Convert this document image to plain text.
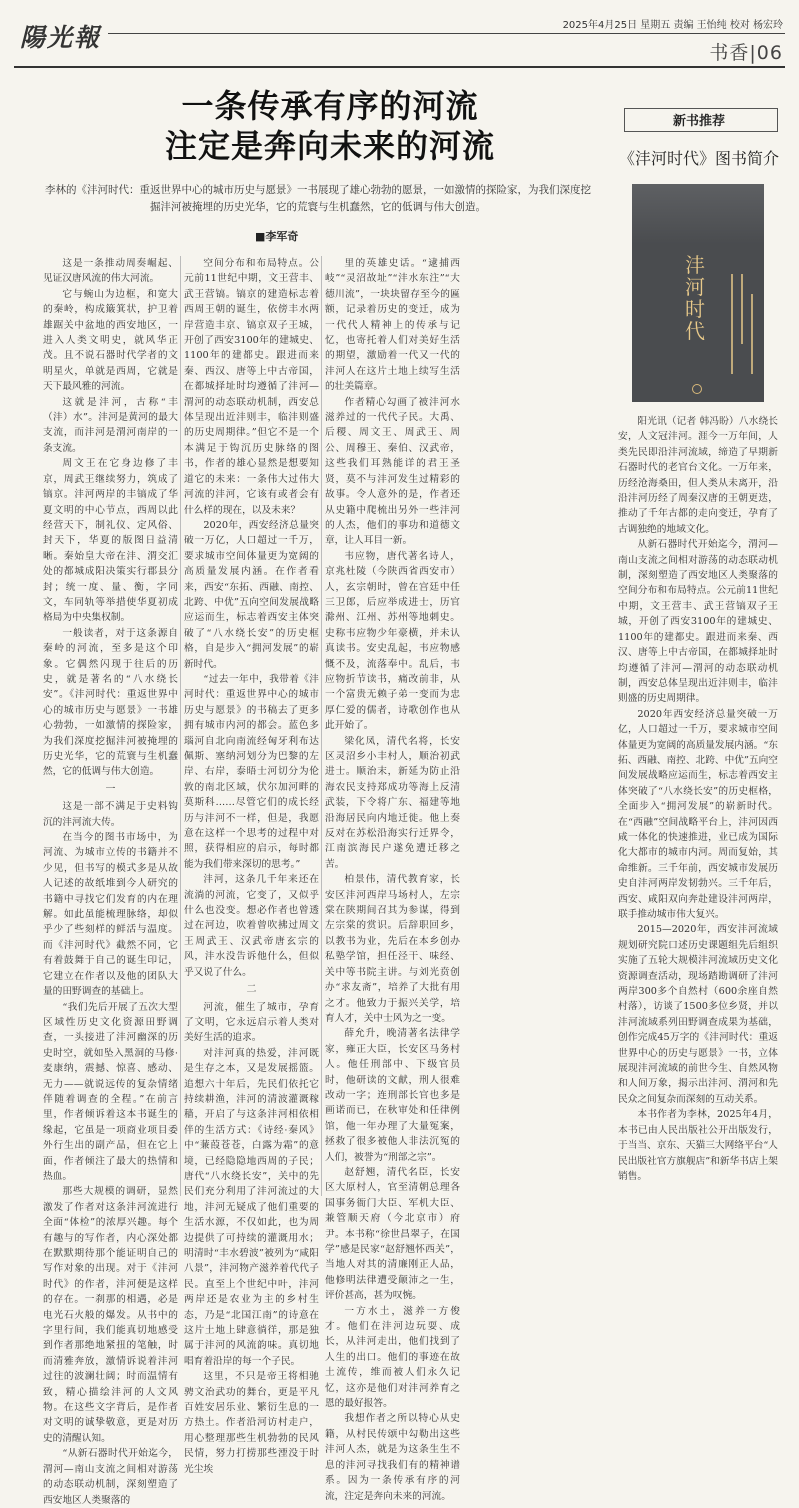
陽光報	2025年4月25日 星期五 责编 王怡纯 校对 杨宏玲
书香|06
一条传承有序的河流
注定是奔向未来的河流
李林的《沣河时代：重返世界中心的城市历史与愿景》一书展现了雄心勃勃的愿景，一如激情的探险家，为我们深度挖掘沣河被掩埋的历史光华，它的荒寰与生机蠢然，它的低调与伟大创造。
■李军奇

这是一条推动周奏崛起、见证汉唐风流的伟大河流。

它与蜿山为边框，和宽大的秦岭，构成簸箕状，护卫着雄踞关中盆地的西安地区，一进入人类文明史，就风华正茂。且不说石器时代学者的文明星火，单就是西周，它就是天下最风雅的河流。

这就是沣河，古称“丰（沣）水”。沣河是黄河的最大支流，而沣河是渭河南岸的一条支流。

周文王在它身边修了丰京，周武王继续努力，筑成了镐京。沣河两岸的丰镐成了华夏文明的中心节点，西周以此经营天下，制礼仪、定风俗、封天下，华夏的版图日益清晰。秦始皇大帝在沣、渭交汇处的都城成阳决策实行郡县分封；统一度、量、衡，字同文，车同轨等举措使华夏初成格局为中央集权制。

一般读者，对于这条源自秦岭的河流，至多是这个印象。它偶然闪现于往后的历史，就是著名的“八水绕长安”。《沣河时代：重返世界中心的城市历史与愿景》一书雄心勃勃，一如激情的探险家，为我们深度挖掘沣河被掩埋的历史光华，它的荒寰与生机蠢然，它的低调与伟大创造。

一

这是一部不满足于史料钩沉的沣河流大传。

在当今的图书市场中，为河流、为城市立传的书籍并不少见，但书写的模式多是从故人记述的故纸堆到今人研究的书籍中寻找它们发育的内在理解。如此虽能梳理脉络，却似乎少了些刻样的鲜活与温度。而《沣河时代》截然不同，它有着鼓舞于自己的诞生印记，它建立在作者以及他的团队大量的田野调查的基础上。

“我们先后开展了五次大型区域性历史文化资源田野调查，一头接进了沣河幽深的历史时空，就如坠入黑洞的马修·麦康纳，震撼、惊喜、感动、无力——就说远传的复杂情绪伴随着调查的全程。”在前言里，作者倾诉着这本书诞生的缘起，它虽是一项商业项目委外行生出的副产品，但在它上面，作者倾注了最大的热情和热血。

那些大规模的调研，显然激发了作者对这条沣河流进行全面“体检”的浓厚兴趣。每个有趣与的写作者，内心深处都在默默期待那个能证明自己的写作对象的出现。对于《沣河时代》的作者，沣河便是这样的存在。一刹那的相遇，必是电光石火般的爆发。从书中的字里行间，我们能真切地感受到作者那绝地紧扭的笔触，时而清雅奔放，激情诉说着沣河过往的波澜壮阔；时而温情有致，精心描绘沣河的人文风物。在这些文字背后，是作者对文明的诚挚敬意，更是对历史的清醒认知。

“从新石器时代开始迄今，渭河—南山支流之间相对游荡的动态联动机制，深刻塑造了西安地区人类聚落的

空间分布和布局特点。公元前11世纪中期，文王营丰、武王营镐。镐京的建造标志着西周王朝的诞生，依傍丰水两岸营造丰京、镐京双子王城，开创了西安3100年的建城史、1100年的建都史。跟进而来秦、西汉、唐等上中古帝国，在都城择址时均遵循了沣河—渭河的动态联动机制，西安总体呈现出近沣则丰，临沣则盛的历史周期律。”但它不是一个本满足于钩沉历史脉络的图书，作者的雄心显然是想要知道它的未来：一条伟大过伟大河流的沣河，它该有或者会有什么样的现在，以及未来？

2020年，西安经济总量突破一万亿，人口超过一千万，要求城市空间体量更为宽阔的高质量发展内涵。在作者看来，西安“东拓、西融、南控、北跨、中优”五向空间发展战略应运而生，标志着西安主体突破了“八水绕长安”的历史框格，自是步入“拥河发展”的崭新时代。

“过去一年中，我带着《沣河时代：重返世界中心的城市历史与愿景》的书稿去了更多拥有城市内河的都会。蓝色多瑙河自北向南流经匈牙利布达佩斯、塞纳河划分为巴黎的左岸、右岸，泰晤士河切分为伦敦的南北区域，伏尔加河畔的莫斯科……尽管它们的成长经历与沣河不一样，但是，我愿意在这样一个思考的过程中对照，获得相应的启示，每时都能为我们带来深切的思考。”

沣河，这条几千年来还在流淌的河流，它变了，又似乎什么也没变。想必作者也曾透过在河边，吹着曾吹拂过周文王周武王、汉武帝唐玄宗的风，沣水没告诉他什么，但似乎又说了什么。

二

河流，催生了城市，孕育了文明，它永远启示着人类对美好生活的追求。

对沣河真的热爱，沣河既是生存之本，又是发展摇篮。追想六十年后，先民们依托它持续耕渔，沣河的清波灌溉稼穑，开启了与这条沣河相依相伴的生活方式：《诗经·秦风》中“蒹葭苍苍，白露为霜”的意境，已经隐隐地西周的子民；唐代“八水绕长安”，关中的先民们充分利用了沣河流过的大地，沣河无疑成了他们重要的生活水源，不仅如此，也为周边提供了可持续的灌溉用水；明清时“丰水碧波”被列为“咸阳八景”，沣河物产滋养着代代子民。直至上个世纪中叶，沣河两岸还是农业为主的乡村生态，乃是“北国江南”的诗意在这片土地上肆意徜徉，那是独属于沣河的风流韵味。真切地唱育着沿岸的每一个子民。

这里，不只是帝王将相驰骋文治武功的舞台，更是平凡百姓安居乐业、繁衍生息的一方热土。作者沿河访村走户，用心整理那些生机勃勃的民风民情，努力打捞那些湮没于时光尘埃

里的英雄史话。“逮捕西岐”“灵沼故址”“沣水东注”“大德川流”，一块块留存至今的匾额，记录着历史的变迁，成为一代代人精神上的传承与记忆，也寄托着人们对美好生活的期望，激励着一代又一代的沣河人在这片土地上续写生活的壮美篇章。

作者精心勾画了被沣河水滋养过的一代代子民。大禹、后稷、周文王、周武王、周公、周穆王、秦伯、汉武帝，这些我们耳熟能详的君王圣贤，莫不与沣河发生过精彩的故事。令人意外的是，作者还从史籍中爬梳出另外一些沣河的人杰，他们的事功和道德文章，让人耳目一新。

韦应物，唐代著名诗人，京兆杜陵（今陕西省西安市）人，玄宗朝时，曾在宫廷中任三卫郎，后应举成进士，历官滁州、江州、苏州等地刺史。史称韦应物少年豪横，并未认真读书。安史乱起，韦应物感慨不及，流落奉中。乱后，韦应物折节读书，痛改前非，从一个富贵无赖子弟一变而为忠厚仁爱的儒者，诗歌创作也从此开始了。

梁化凤，清代名将，长安区灵沼乡小丰村人，顺治初武进士。顺治末，新延为防止沿海农民支持郑成功等海上反清武装，下令将广东、福建等地沿海居民向内地迁徙。他上奏反对在苏松沿海实行迁界令，江南滨海民户遂免遭迁移之苦。

柏景伟，清代教育家，长安区沣河西岸马场村人，左宗棠在陕期间召其为参谋，得到左宗棠的赏识。后辞职回乡，以教书为业，先后在本乡创办私塾学馆，担任泾干、味经、关中等书院主讲。与刘光贲创办“求友斋”，培养了大批有用之才。他致力于振兴关学，培育人才，关中士风为之一变。

薛允升，晚清著名法律学家，雍正大臣，长安区马务村人。他任刑部中、下级官员时，他研读的文献，刑人很难改动一字；连刑部长官也多是画诺而已，在秋审处和任律例馆，他一年办理了大量冤案，拯救了很多被他人非法沉冤的人们，被誉为“刑部之宗”。

赵舒翘，清代名臣，长安区大原村人，官至清朝总理各国事务衙门大臣、军机大臣、兼管顺天府（今北京市）府尹。本书称“徐世昌翠子，在国学”感是民家“赵舒翘怀西关”，当地人对其的清廉刚正人品，他修明法律遭受颠沛之一生，评价甚高，甚为叹惋。

一方水土，滋养一方俊才。他们在沣河边玩耍、成长，从沣河走出，他们找到了人生的出口。他们的事迹在故土流传，维而被人们永久记忆，这亦是他们对沣河养育之恩的最好报答。

我想作者之所以特心从史籍，从村民传颂中勾勒出这些沣河人杰，就是为这条生生不息的沣河寻找我们有的精神谱系。因为一条传承有序的河流，注定是奔向未来的河流。

新书推荐
《沣河时代》图书简介
沣河时代

阳光讯（记者 韩冯盼）八水绕长安，人文冠沣河。涯今一万年间，人类先民即沿沣河流域，缔造了早期新石器时代的老官台文化。一万年来，历经沧海桑田，但人类从未离开，沿沿沣河历经了周秦汉唐的王朝更迭，推动了千年古都的走向变迁，孕育了古调独绝的地域文化。

从新石器时代开始迄今，渭河—南山支流之间相对游荡的动态联动机制，深刻塑造了西安地区人类聚落的空间分布和布局特点。公元前11世纪中期，文王营丰、武王营镐双子王城，开创了西安3100年的建城史、1100年的建都史。跟进而来秦、西汉、唐等上中古帝国，在都城择址时均遵循了沣河—渭河的动态联动机制，西安总体呈现出近沣则丰，临沣则盛的历史周期律。

2020年西安经济总量突破一万亿，人口超过一千万，要求城市空间体量更为宽阔的高质量发展内涵。“东拓、西融、南控、北跨、中优”五向空间发展战略应运而生，标志着西安主体突破了“八水绕长安”的历史框格，全面步入“拥河发展”的崭新时代。在“西融”空间战略平台上，沣河因西咸一体化的快速推进，业已成为国际化大都市的城市内河。周而复始，其命维新。三千年前，西安城市发展历史自沣河两岸发韧勃兴。三千年后，西安、咸阳双向奔赴建设沣河两岸，联手推动城市伟大复兴。

2015—2020年，西安沣河流域规划研究院口述历史课题组先后组织实施了五轮大规模沣河流域历史文化资源调查活动，现场踏勘调研了沣河两岸300多个自然村（600余座自然村落），访谈了1500多位乡贤，并以沣河流域系列田野调查成果为基础，创作完成45万字的《沣河时代：重返世界中心的历史与愿景》一书，立体展现沣河流域的前世今生、自然风物和人间万象，揭示出沣河、渭河和先民众之间复杂而深刻的互动关系。

本书作者为李林，2025年4月，本书已由人民出版社公开出版发行，于当当、京东、天猫三大网络平台“人民出版社官方旗舰店”和新华书店上架销售。
